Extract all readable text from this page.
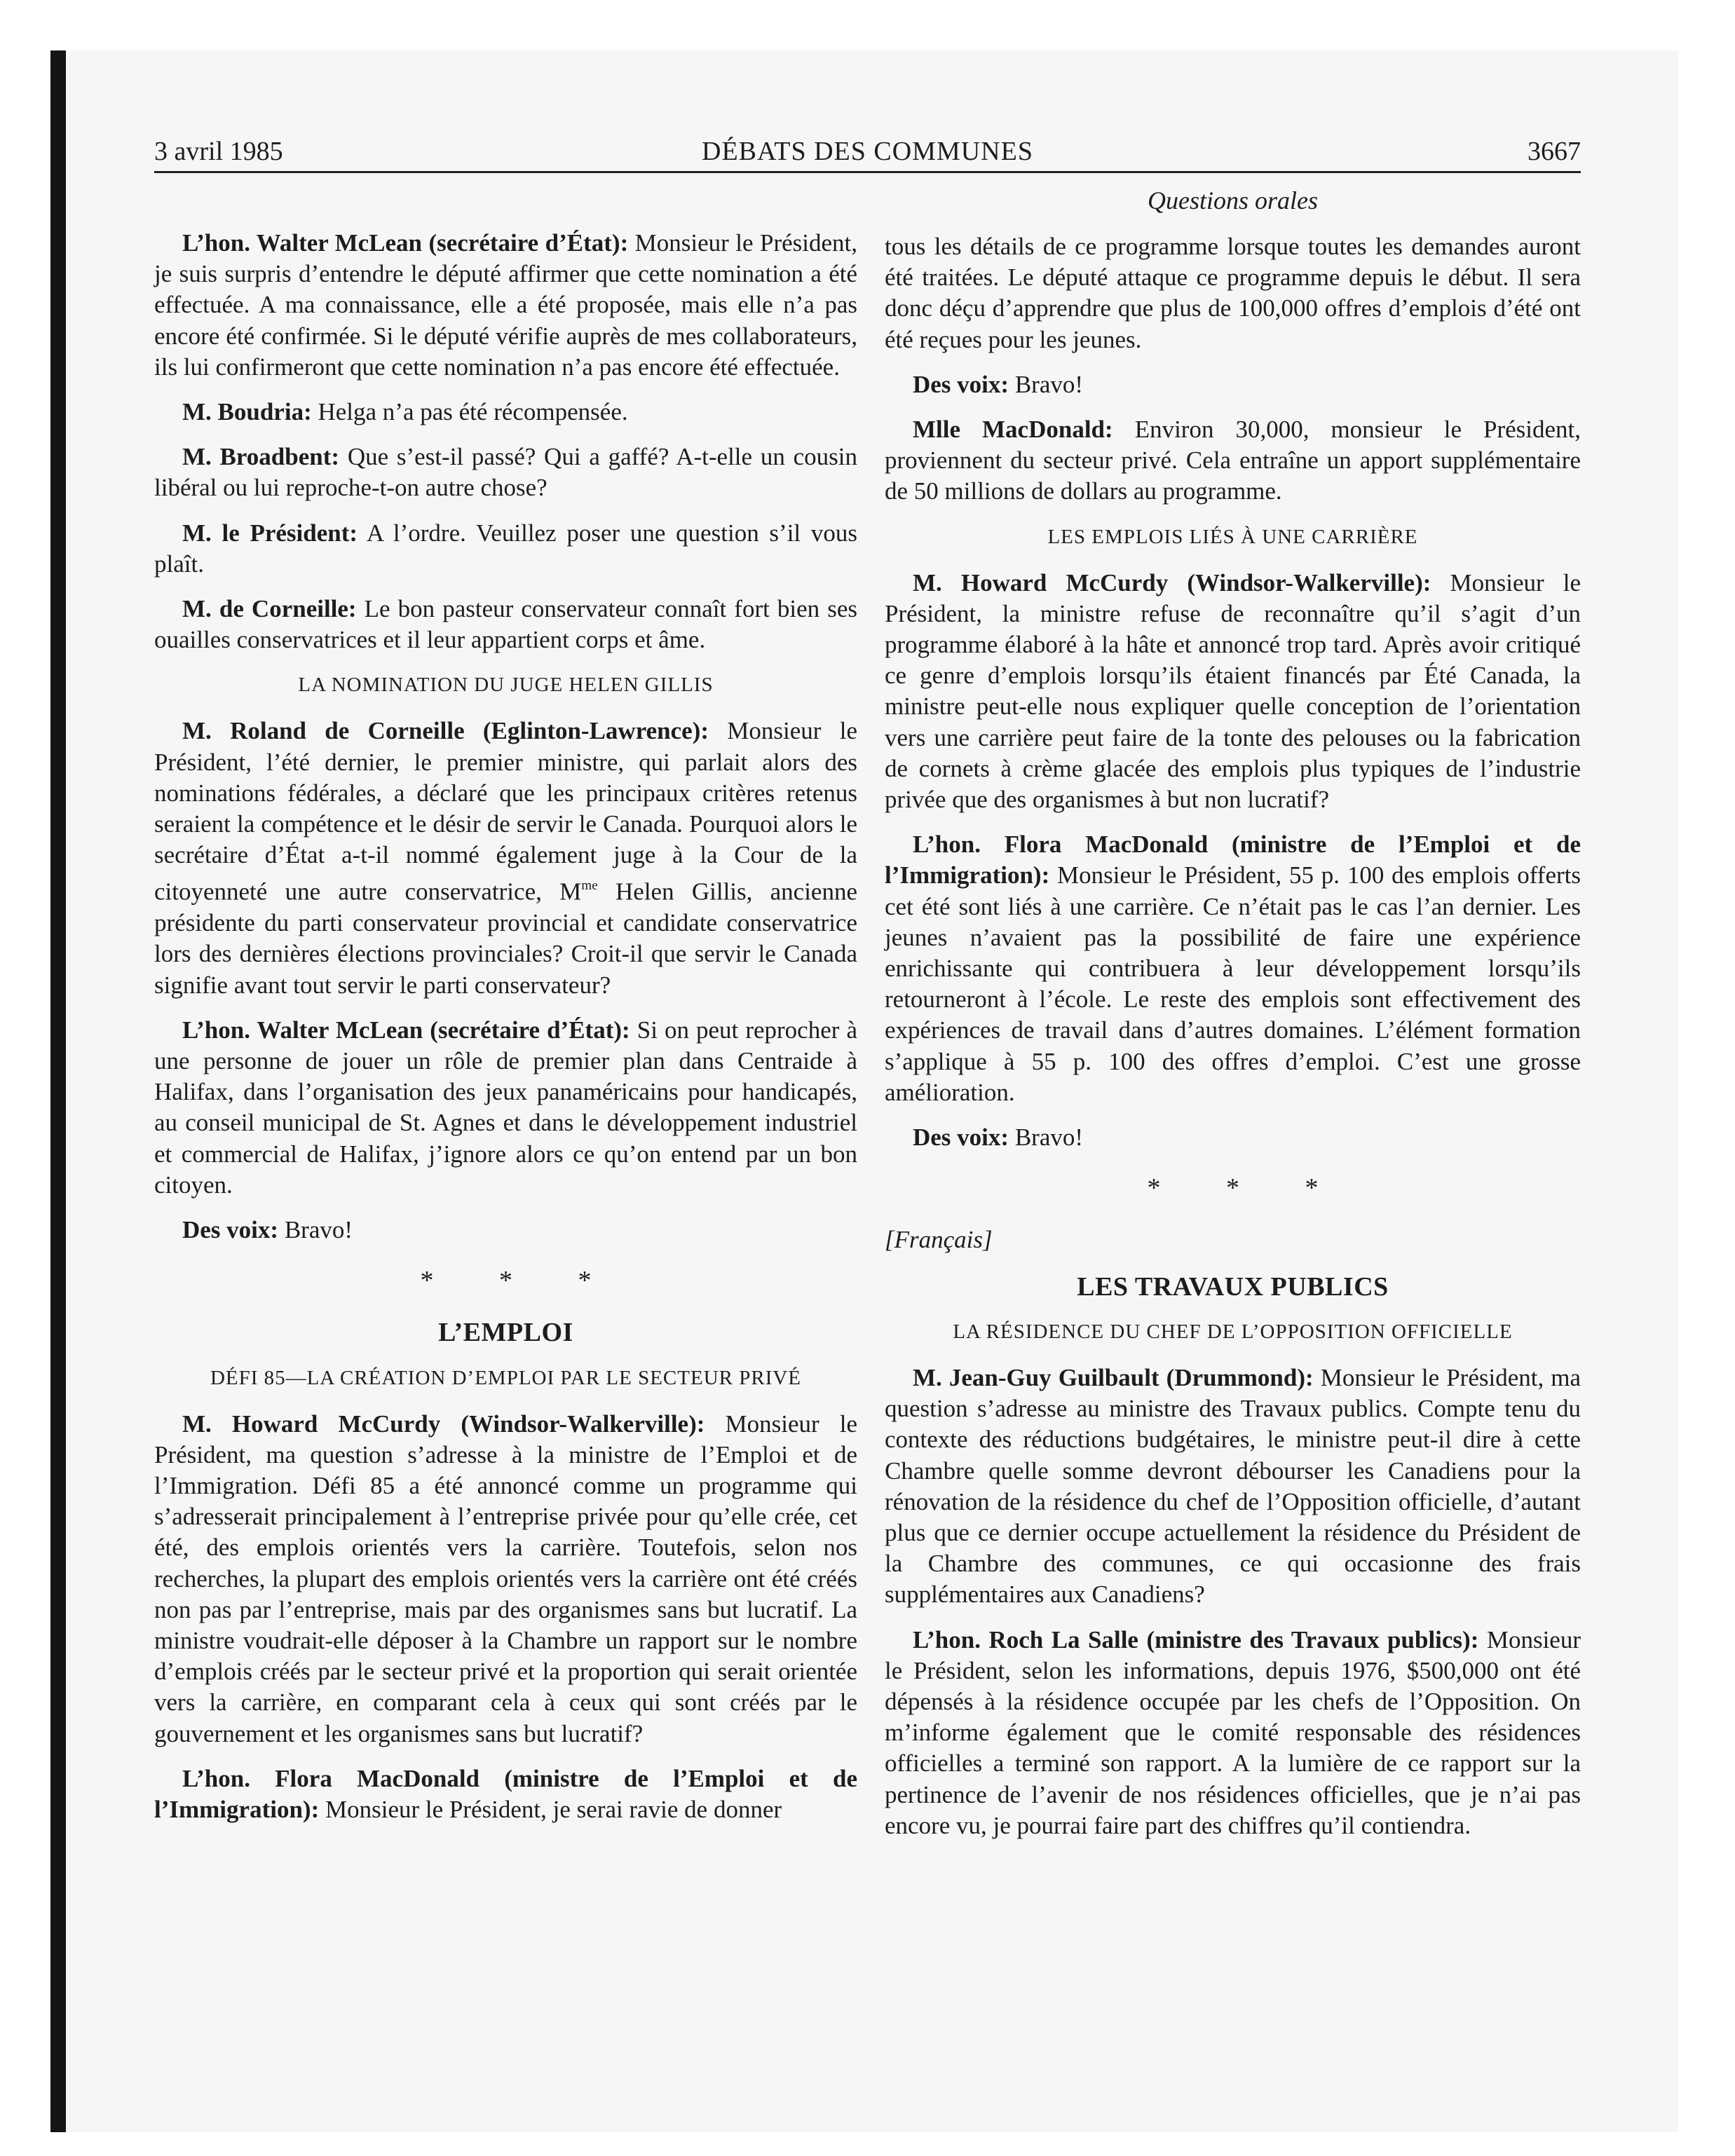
3 avril 1985	DÉBATS DES COMMUNES	3667
Questions orales

L’hon. Walter McLean (secrétaire d’État): Monsieur le Président, je suis surpris d’entendre le député affirmer que cette nomination a été effectuée. A ma connaissance, elle a été proposée, mais elle n’a pas encore été confirmée. Si le député vérifie auprès de mes collaborateurs, ils lui confirmeront que cette nomination n’a pas encore été effectuée.

M. Boudria: Helga n’a pas été récompensée.

M. Broadbent: Que s’est-il passé? Qui a gaffé? A-t-elle un cousin libéral ou lui reproche-t-on autre chose?

M. le Président: A l’ordre. Veuillez poser une question s’il vous plaît.

M. de Corneille: Le bon pasteur conservateur connaît fort bien ses ouailles conservatrices et il leur appartient corps et âme.

LA NOMINATION DU JUGE HELEN GILLIS

M. Roland de Corneille (Eglinton-Lawrence): Monsieur le Président, l’été dernier, le premier ministre, qui parlait alors des nominations fédérales, a déclaré que les principaux critères retenus seraient la compétence et le désir de servir le Canada. Pourquoi alors le secrétaire d’État a-t-il nommé également juge à la Cour de la citoyenneté une autre conservatrice, $M^{me}$ Helen Gillis, ancienne présidente du parti conservateur provincial et candidate conservatrice lors des dernières élections provinciales? Croit-il que servir le Canada signifie avant tout servir le parti conservateur?

L’hon. Walter McLean (secrétaire d’État): Si on peut reprocher à une personne de jouer un rôle de premier plan dans Centraide à Halifax, dans l’organisation des jeux panaméricains pour handicapés, au conseil municipal de St. Agnes et dans le développement industriel et commercial de Halifax, j’ignore alors ce qu’on entend par un bon citoyen.

Des voix: Bravo!

* * *
L’EMPLOI
DÉFI 85—LA CRÉATION D’EMPLOI PAR LE SECTEUR PRIVÉ

M. Howard McCurdy (Windsor-Walkerville): Monsieur le Président, ma question s’adresse à la ministre de l’Emploi et de l’Immigration. Défi 85 a été annoncé comme un programme qui s’adresserait principalement à l’entreprise privée pour qu’elle crée, cet été, des emplois orientés vers la carrière. Toutefois, selon nos recherches, la plupart des emplois orientés vers la carrière ont été créés non pas par l’entreprise, mais par des organismes sans but lucratif. La ministre voudrait-elle déposer à la Chambre un rapport sur le nombre d’emplois créés par le secteur privé et la proportion qui serait orientée vers la carrière, en comparant cela à ceux qui sont créés par le gouvernement et les organismes sans but lucratif?

L’hon. Flora MacDonald (ministre de l’Emploi et de l’Immigration): Monsieur le Président, je serai ravie de donner

tous les détails de ce programme lorsque toutes les demandes auront été traitées. Le député attaque ce programme depuis le début. Il sera donc déçu d’apprendre que plus de 100,000 offres d’emplois d’été ont été reçues pour les jeunes.

Des voix: Bravo!

Mlle MacDonald: Environ 30,000, monsieur le Président, proviennent du secteur privé. Cela entraîne un apport supplémentaire de 50 millions de dollars au programme.

LES EMPLOIS LIÉS À UNE CARRIÈRE

M. Howard McCurdy (Windsor-Walkerville): Monsieur le Président, la ministre refuse de reconnaître qu’il s’agit d’un programme élaboré à la hâte et annoncé trop tard. Après avoir critiqué ce genre d’emplois lorsqu’ils étaient financés par Été Canada, la ministre peut-elle nous expliquer quelle conception de l’orientation vers une carrière peut faire de la tonte des pelouses ou la fabrication de cornets à crème glacée des emplois plus typiques de l’industrie privée que des organismes à but non lucratif?

L’hon. Flora MacDonald (ministre de l’Emploi et de l’Immigration): Monsieur le Président, 55 p. 100 des emplois offerts cet été sont liés à une carrière. Ce n’était pas le cas l’an dernier. Les jeunes n’avaient pas la possibilité de faire une expérience enrichissante qui contribuera à leur développement lorsqu’ils retourneront à l’école. Le reste des emplois sont effectivement des expériences de travail dans d’autres domaines. L’élément formation s’applique à 55 p. 100 des offres d’emploi. C’est une grosse amélioration.

Des voix: Bravo!

* * *

[Français]

LES TRAVAUX PUBLICS
LA RÉSIDENCE DU CHEF DE L’OPPOSITION OFFICIELLE

M. Jean-Guy Guilbault (Drummond): Monsieur le Président, ma question s’adresse au ministre des Travaux publics. Compte tenu du contexte des réductions budgétaires, le ministre peut-il dire à cette Chambre quelle somme devront débourser les Canadiens pour la rénovation de la résidence du chef de l’Opposition officielle, d’autant plus que ce dernier occupe actuellement la résidence du Président de la Chambre des communes, ce qui occasionne des frais supplémentaires aux Canadiens?

L’hon. Roch La Salle (ministre des Travaux publics): Monsieur le Président, selon les informations, depuis 1976, $500,000 ont été dépensés à la résidence occupée par les chefs de l’Opposition. On m’informe également que le comité responsable des résidences officielles a terminé son rapport. A la lumière de ce rapport sur la pertinence de l’avenir de nos résidences officielles, que je n’ai pas encore vu, je pourrai faire part des chiffres qu’il contiendra.
